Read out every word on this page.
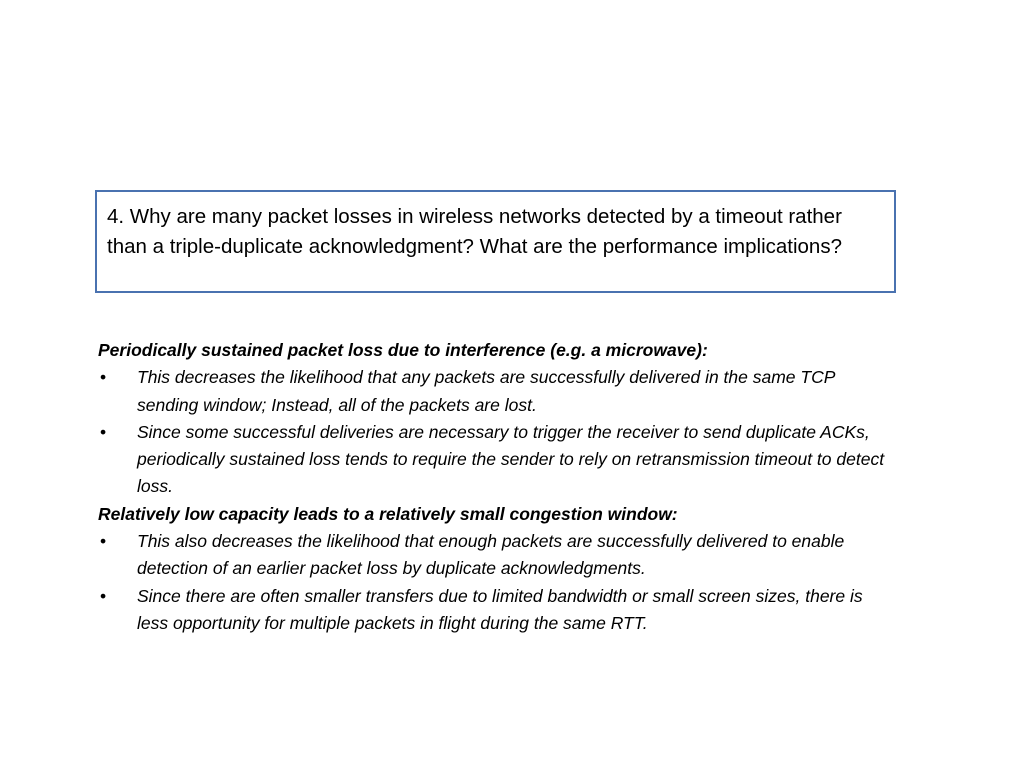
4. Why are many packet losses in wireless networks detected by a timeout rather than a triple-duplicate acknowledgment? What are the performance implications?

Periodically sustained packet loss due to interference (e.g. a microwave):

• This decreases the likelihood that any packets are successfully delivered in the same TCP sending window; Instead, all of the packets are lost.
• Since some successful deliveries are necessary to trigger the receiver to send duplicate ACKs, periodically sustained loss tends to require the sender to rely on retransmission timeout to detect loss.

Relatively low capacity leads to a relatively small congestion window:

• This also decreases the likelihood that enough packets are successfully delivered to enable detection of an earlier packet loss by duplicate acknowledgments.
• Since there are often smaller transfers due to limited bandwidth or small screen sizes, there is less opportunity for multiple packets in flight during the same RTT.
